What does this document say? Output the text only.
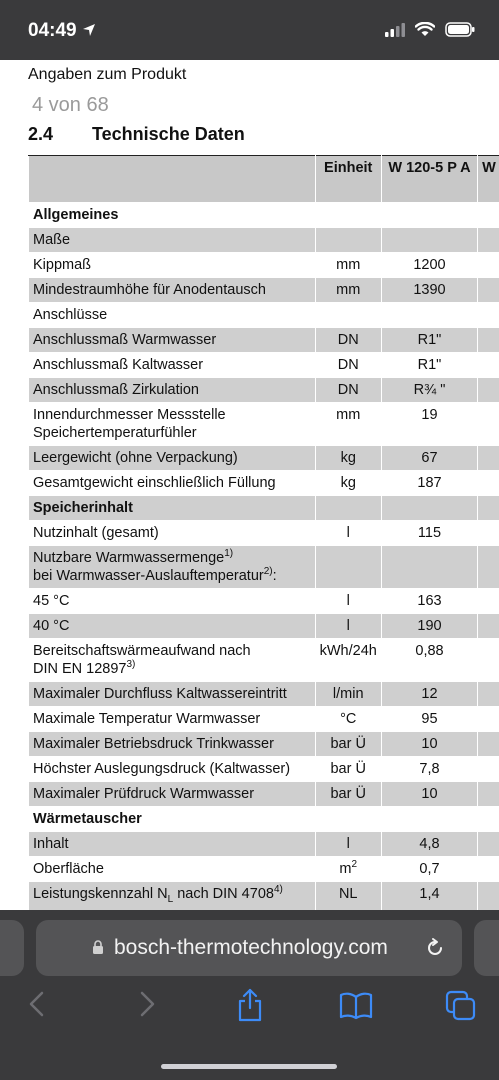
04:49
Angaben zum Produkt
2.4 Technische Daten
4 von 68
	Einheit	W 120-5 P A	W
Allgemeines			
Maße			
Kippmaß	mm	1200	
Mindestraumhöhe für Anodentausch	mm	1390	
Anschlüsse			
Anschlussmaß Warmwasser	DN	R1"	
Anschlussmaß Kaltwasser	DN	R1"	
Anschlussmaß Zirkulation	DN	R¾ "	
Innendurchmesser Messstelle Speichertemperaturfühler	mm	19	
Leergewicht (ohne Verpackung)	kg	67	
Gesamtgewicht einschließlich Füllung	kg	187	
Speicherinhalt			
Nutzinhalt (gesamt)	l	115	
Nutzbare Warmwassermenge$^{1)}$
bei Warmwasser-Auslauftemperatur$^{2)}$:			
45 °C	l	163	
40 °C	l	190	
Bereitschaftswärmeaufwand nach
DIN EN 12897$^{3)}$	kWh/24h	0,88	
Maximaler Durchfluss Kaltwassereintritt	l/min	12	
Maximale Temperatur Warmwasser	°C	95	
Maximaler Betriebsdruck Trinkwasser	bar Ü	10	
Höchster Auslegungsdruck (Kaltwasser)	bar Ü	7,8	
Maximaler Prüfdruck Warmwasser	bar Ü	10	
Wärmetauscher			
Inhalt	l	4,8	
Oberfläche	$m^2$	0,7	
Leistungskennzahl $N_L$ nach DIN 4708$^{4)}$	NL	1,4	
bosch-thermotechnology.com
